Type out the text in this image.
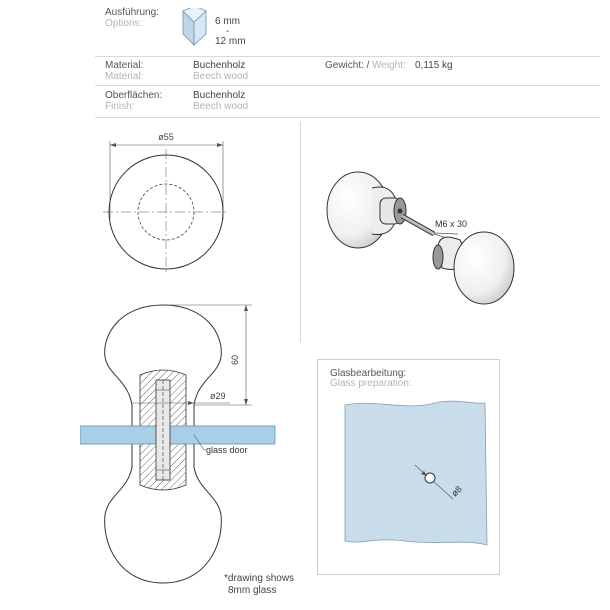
Ausführung:
Options:	6 mm
-
12 mm
Material:
Material:
Buchenholz
Beech wood
Gewicht: / Weight: 0,115 kg
Oberflächen:
Finish:
Buchenholz
Beech wood
ø55
M6 x 30
60
ø29
glass door
*drawing shows
8mm glass
Glasbearbeitung:
Glass preparation:
ø8
